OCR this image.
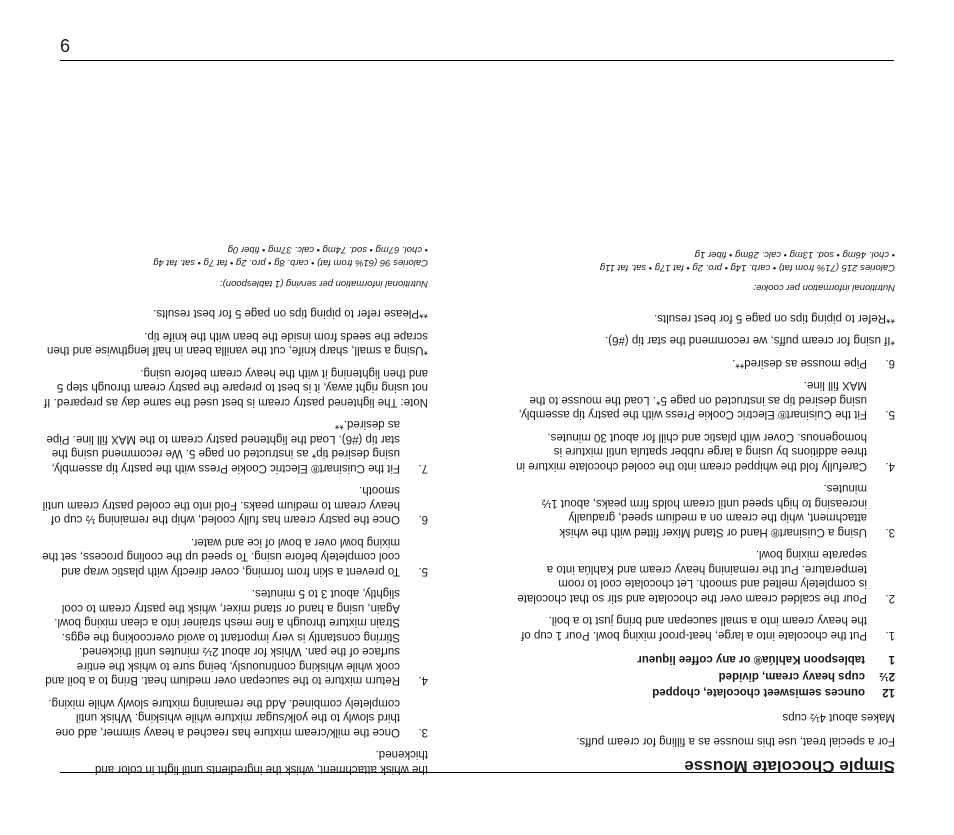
6
Simple Chocolate Mousse

For a special treat, use this mousse as a filling for cream puffs.

Makes about 4½ cups

12
ounces semisweet chocolate, chopped
2½
cups heavy cream, divided
1
tablespoon Kahlúa® or any coffee liqueur
1.
Put the chocolate into a large, heat-proof mixing bowl. Pour 1 cup of the heavy cream into a small saucepan and bring just to a boil.
2.
Pour the scalded cream over the chocolate and stir so that chocolate is completely melted and smooth. Let chocolate cool to room temperature. Put the remaining heavy cream and Kahlúa into a separate mixing bowl.
3.
Using a Cuisinart® Hand or Stand Mixer fitted with the whisk attachment, whip the cream on a medium speed, gradually increasing to high speed until cream holds firm peaks, about 1½ minutes.
4.
Carefully fold the whipped cream into the cooled chocolate mixture in three additions by using a large rubber spatula until mixture is homogenous. Cover with plastic and chill for about 30 minutes.
5.
Fit the Cuisinart® Electric Cookie Press with the pastry tip assembly, using desired tip as instructed on page 5*. Load the mousse to the MAX fill line.
6.
Pipe mousse as desired**.

*If using for cream puffs, we recommend the star tip (#6).

**Refer to piping tips on page 5 for best results.

Nutritional information per cookie:

Calories 215 (71% from fat) • carb. 14g • pro. 2g • fat 17g • sat. fat 11g

• chol. 46mg • sod. 13mg • calc. 28mg • fiber 1g

the whisk attachment, whisk the ingredients until light in color and thickened.

3.
Once the milk/cream mixture has reached a heavy simmer, add one third slowly to the yolk/sugar mixture while whisking. Whisk until completely combined. Add the remaining mixture slowly while mixing.
4.
Return mixture to the saucepan over medium heat. Bring to a boil and cook while whisking continuously, being sure to whisk the entire surface of the pan. Whisk for about 2½ minutes until thickened. Stirring constantly is very important to avoid overcooking the eggs. Strain mixture through a fine mesh strainer into a clean mixing bowl. Again, using a hand or stand mixer, whisk the pastry cream to cool slightly, about 3 to 5 minutes.
5.
To prevent a skin from forming, cover directly with plastic wrap and cool completely before using. To speed up the cooling process, set the mixing bowl over a bowl of ice and water.
6.
Once the pastry cream has fully cooled, whip the remaining ½ cup of heavy cream to medium peaks. Fold into the cooled pastry cream until smooth.
7.
Fit the Cuisinart® Electric Cookie Press with the pastry tip assembly, using desired tip* as instructed on page 5. We recommend using the star tip (#6). Load the lightened pastry cream to the MAX fill line. Pipe as desired.**

Note: The lightened pastry cream is best used the same day as prepared. If not using right away, it is best to prepare the pastry cream through step 5 and then lightening it with the heavy cream before using.

*Using a small, sharp knife, cut the vanilla bean in half lengthwise and then scrape the seeds from inside the bean with the knife tip.

**Please refer to piping tips on page 5 for best results.

Nutritional information per serving (1 tablespoon):

Calories 96 (61% from fat) • carb. 8g • pro. 2g • fat 7g • sat. fat 4g

• chol. 67mg • sod. 74mg • calc. 37mg • fiber 0g
